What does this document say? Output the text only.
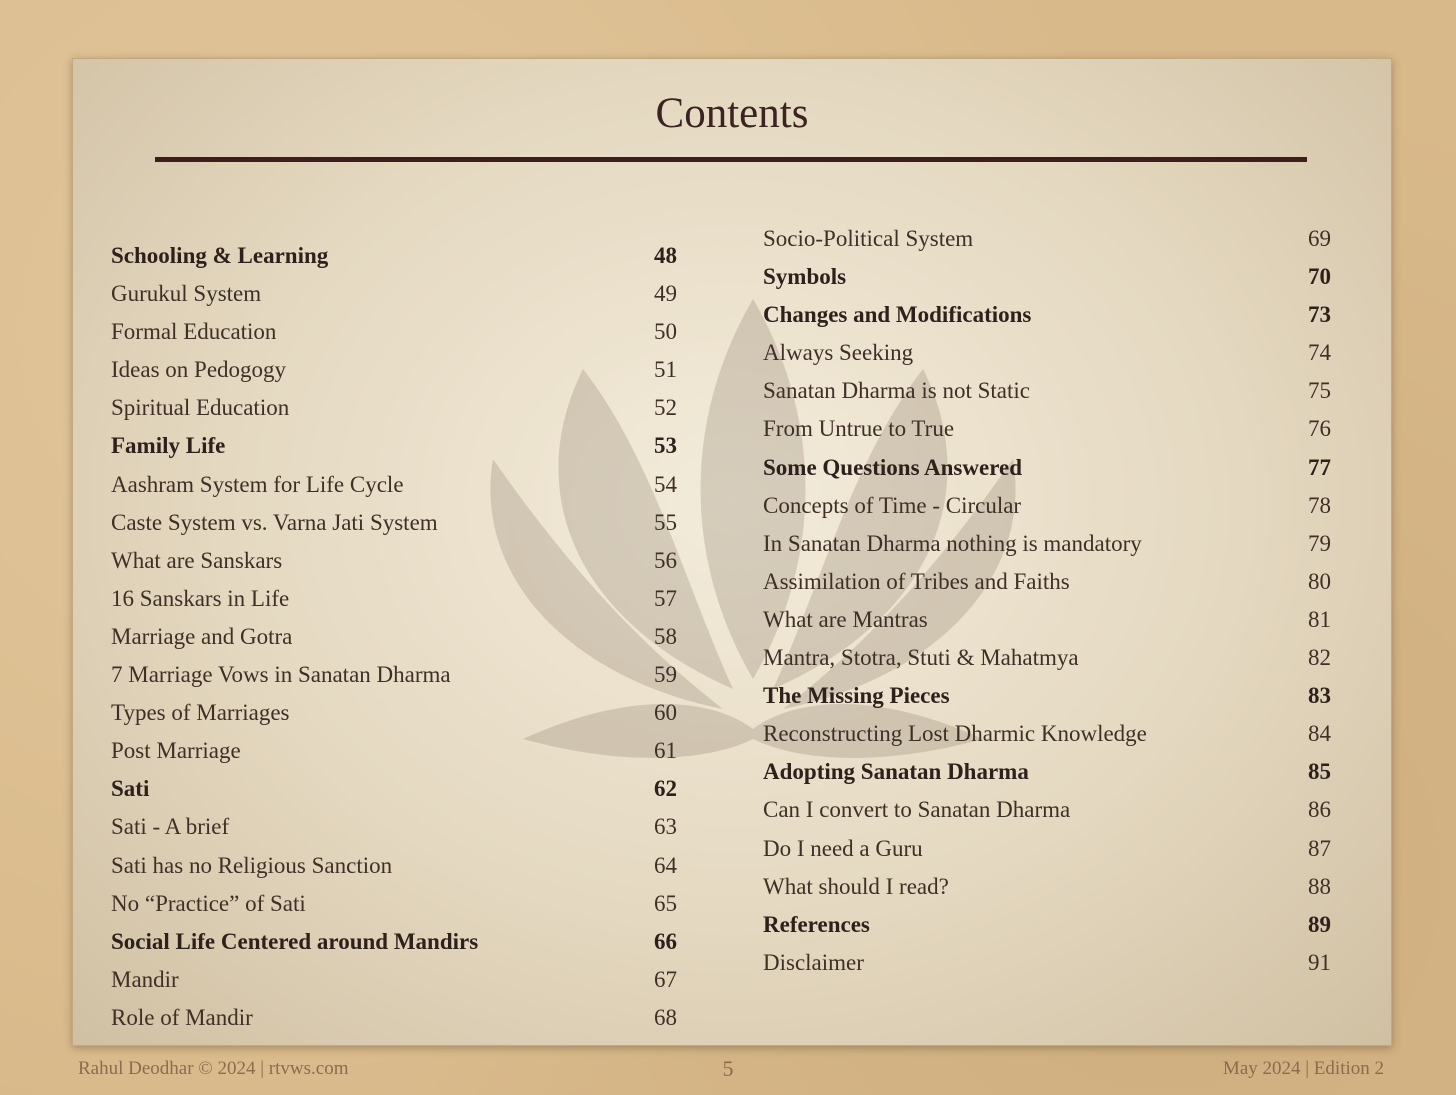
Contents
Schooling & Learning	48
Gurukul System	49
Formal Education	50
Ideas on Pedogogy	51
Spiritual Education	52
Family Life	53
Aashram System for Life Cycle	54
Caste System vs. Varna Jati System	55
What are Sanskars	56
16 Sanskars in Life	57
Marriage and Gotra	58
7 Marriage Vows in Sanatan Dharma	59
Types of Marriages	60
Post Marriage	61
Sati	62
Sati - A brief	63
Sati has no Religious Sanction	64
No “Practice” of Sati	65
Social Life Centered around Mandirs	66
Mandir	67
Role of Mandir	68
Socio-Political System	69
Symbols	70
Changes and Modifications	73
Always Seeking	74
Sanatan Dharma is not Static	75
From Untrue to True	76
Some Questions Answered	77
Concepts of Time - Circular	78
In Sanatan Dharma nothing is mandatory	79
Assimilation of Tribes and Faiths	80
What are Mantras	81
Mantra, Stotra, Stuti & Mahatmya	82
The Missing Pieces	83
Reconstructing Lost Dharmic Knowledge	84
Adopting Sanatan Dharma	85
Can I convert to Sanatan Dharma	86
Do I need a Guru	87
What should I read?	88
References	89
Disclaimer	91
Rahul Deodhar © 2024 | rtvws.com	5	May 2024 | Edition 2
